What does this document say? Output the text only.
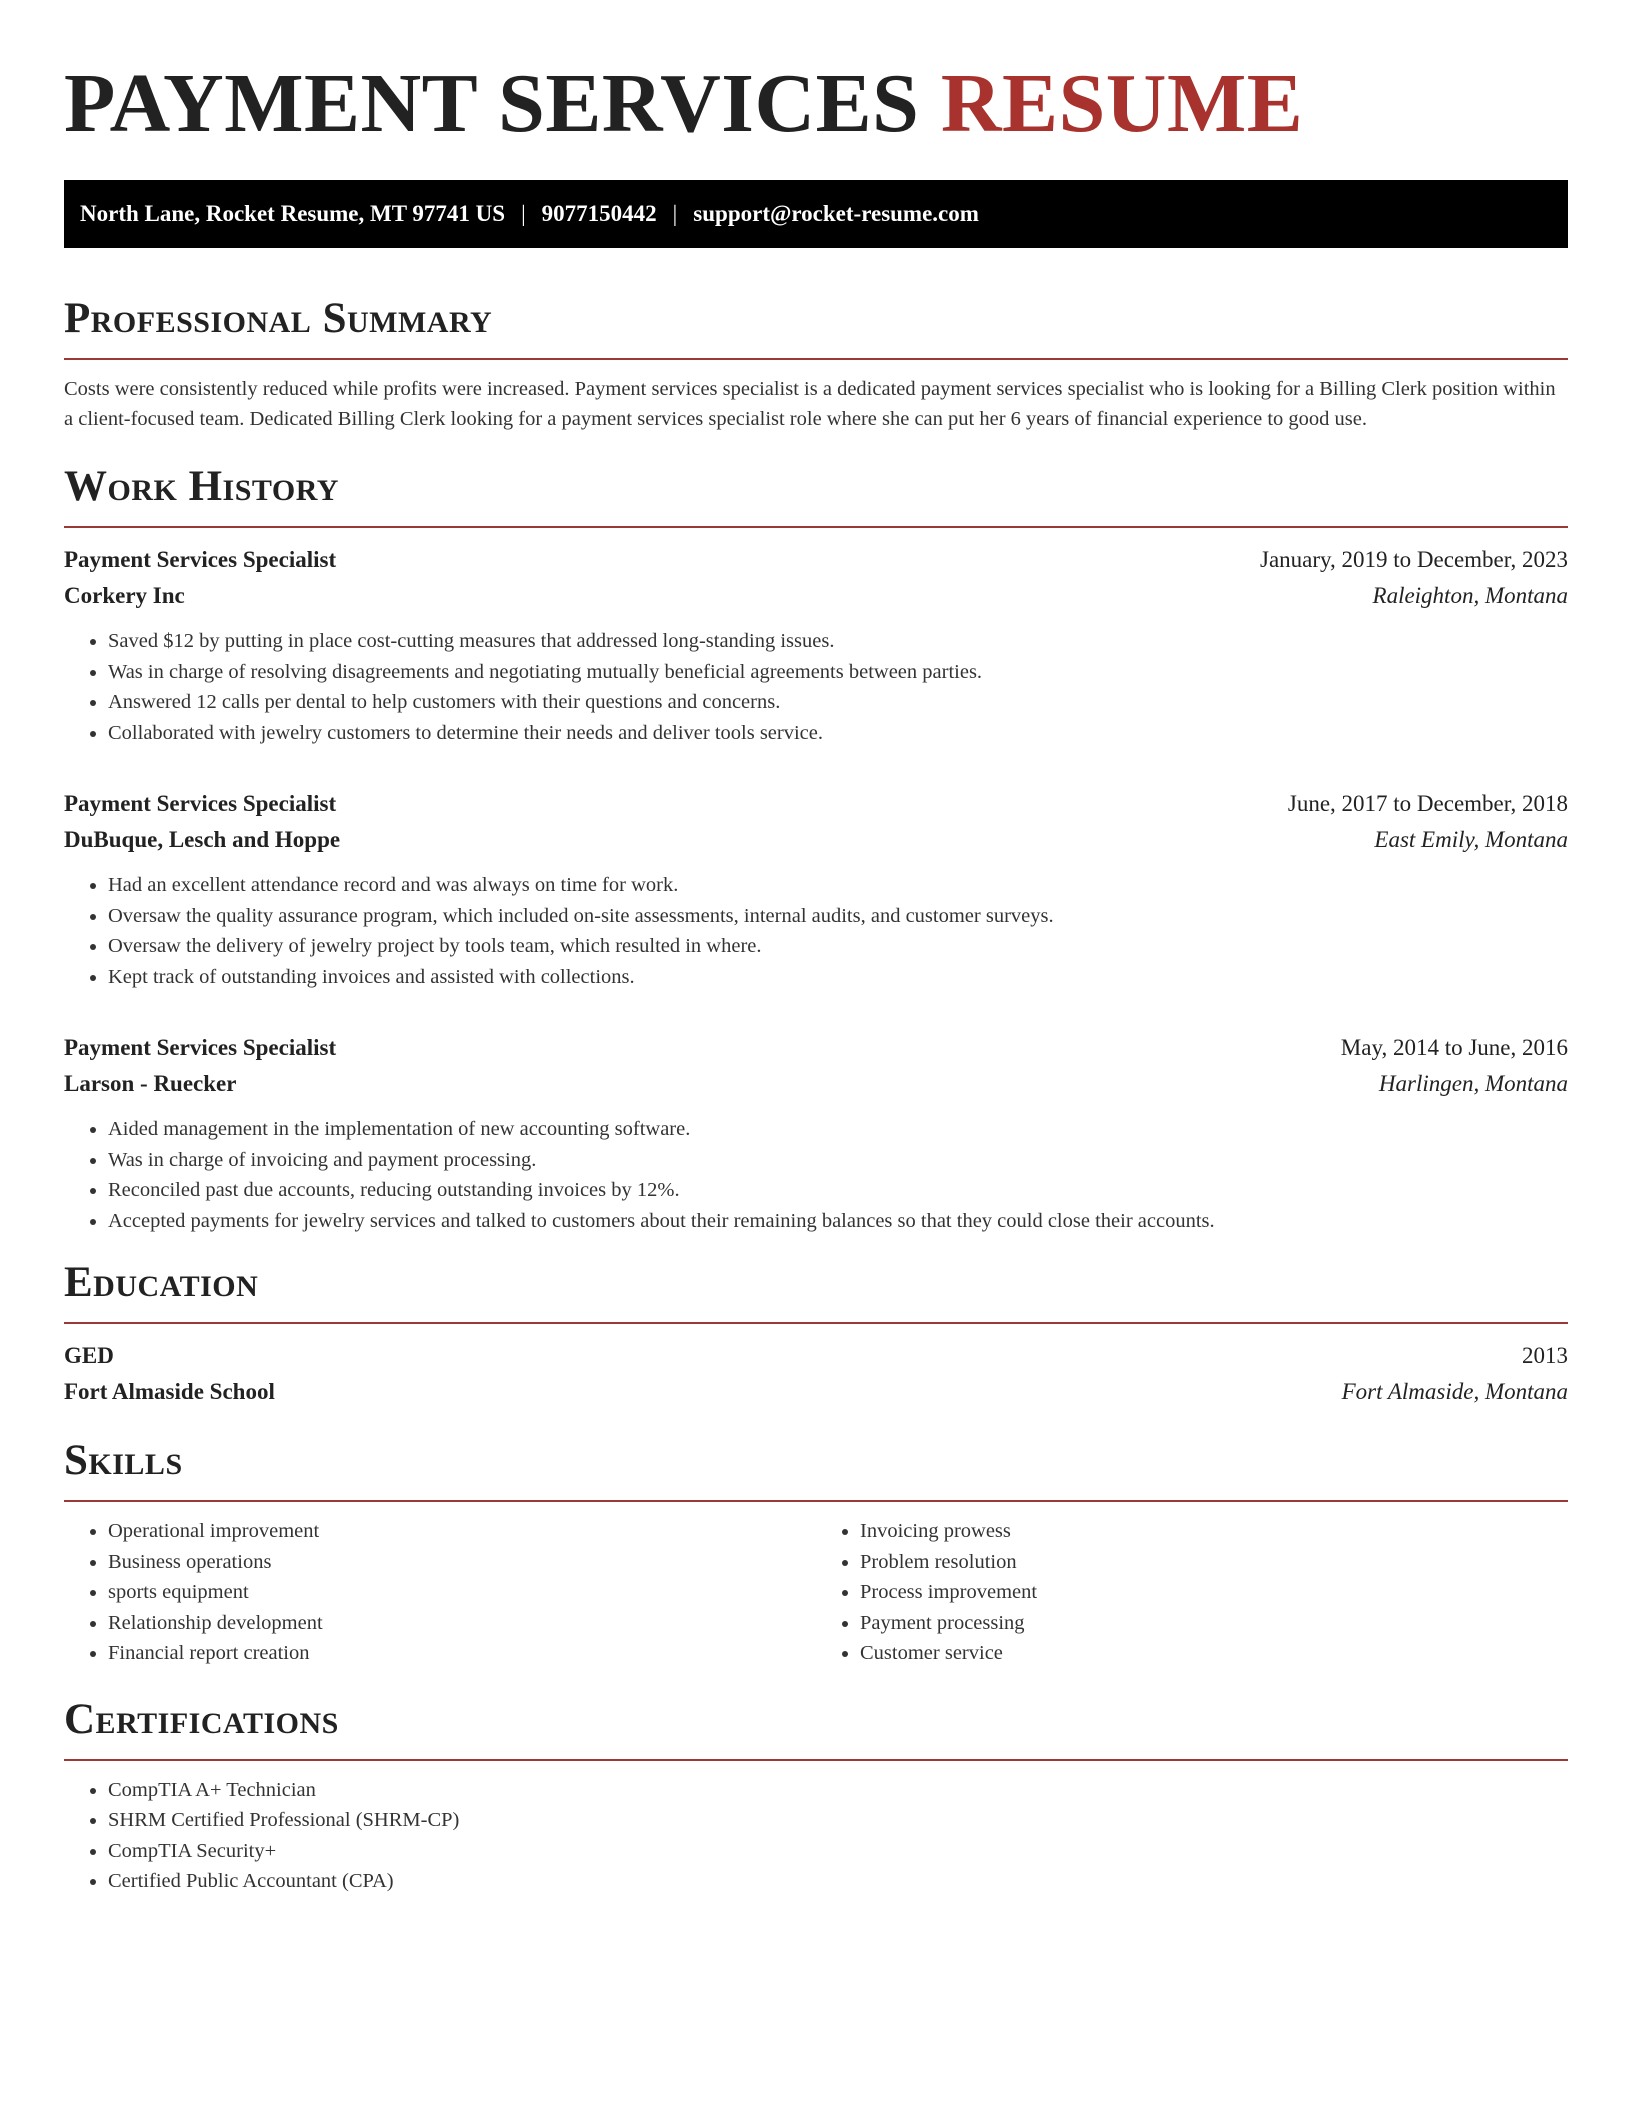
PAYMENT SERVICES RESUME
North Lane, Rocket Resume, MT 97741 US | 9077150442 | support@rocket-resume.com
Professional Summary

Costs were consistently reduced while profits were increased. Payment services specialist is a dedicated payment services specialist who is looking for a Billing Clerk position within a client-focused team. Dedicated Billing Clerk looking for a payment services specialist role where she can put her 6 years of financial experience to good use.

Work History
Payment Services Specialist	January, 2019 to December, 2023
Corkery Inc	Raleighton, Montana
• Saved $12 by putting in place cost-cutting measures that addressed long-standing issues.
• Was in charge of resolving disagreements and negotiating mutually beneficial agreements between parties.
• Answered 12 calls per dental to help customers with their questions and concerns.
• Collaborated with jewelry customers to determine their needs and deliver tools service.
Payment Services Specialist	June, 2017 to December, 2018
DuBuque, Lesch and Hoppe	East Emily, Montana
• Had an excellent attendance record and was always on time for work.
• Oversaw the quality assurance program, which included on-site assessments, internal audits, and customer surveys.
• Oversaw the delivery of jewelry project by tools team, which resulted in where.
• Kept track of outstanding invoices and assisted with collections.
Payment Services Specialist	May, 2014 to June, 2016
Larson - Ruecker	Harlingen, Montana
• Aided management in the implementation of new accounting software.
• Was in charge of invoicing and payment processing.
• Reconciled past due accounts, reducing outstanding invoices by 12%.
• Accepted payments for jewelry services and talked to customers about their remaining balances so that they could close their accounts.
Education
GED	2013
Fort Almaside School	Fort Almaside, Montana
Skills
• Operational improvement
• Business operations
• sports equipment
• Relationship development
• Financial report creation
• Invoicing prowess
• Problem resolution
• Process improvement
• Payment processing
• Customer service
Certifications
• CompTIA A+ Technician
• SHRM Certified Professional (SHRM-CP)
• CompTIA Security+
• Certified Public Accountant (CPA)
